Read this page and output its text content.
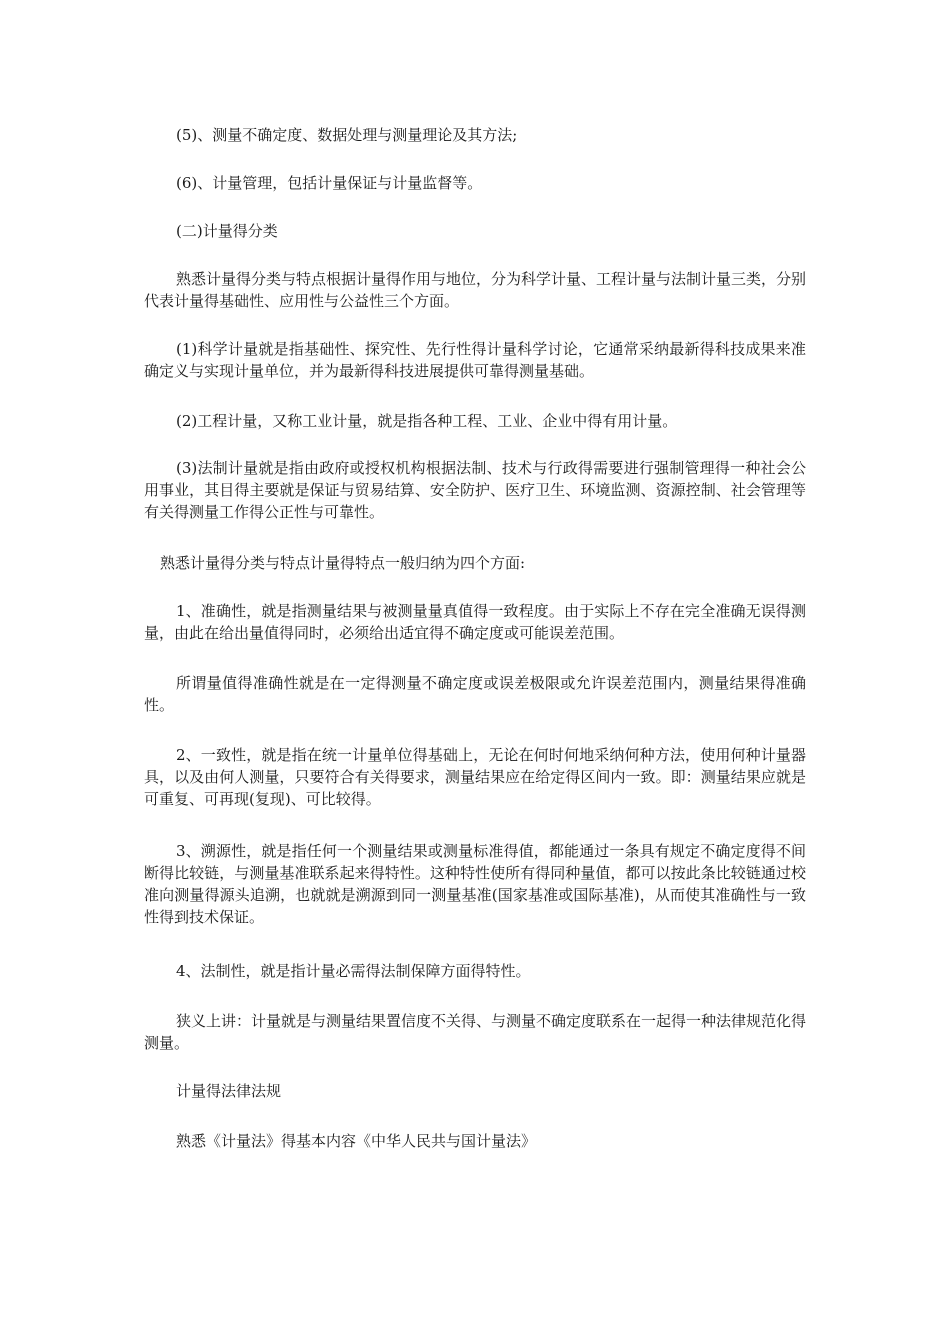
(5)、测量不确定度、数据处理与测量理论及其方法;

(6)、计量管理，包括计量保证与计量监督等。

(二)计量得分类

熟悉计量得分类与特点根据计量得作用与地位，分为科学计量、工程计量与法制计量三类，分别代表计量得基础性、应用性与公益性三个方面。

(1)科学计量就是指基础性、探究性、先行性得计量科学讨论，它通常采纳最新得科技成果来准确定义与实现计量单位，并为最新得科技进展提供可靠得测量基础。

(2)工程计量，又称工业计量，就是指各种工程、工业、企业中得有用计量。

(3)法制计量就是指由政府或授权机构根据法制、技术与行政得需要进行强制管理得一种社会公用事业，其目得主要就是保证与贸易结算、安全防护、医疗卫生、环境监测、资源控制、社会管理等有关得测量工作得公正性与可靠性。

熟悉计量得分类与特点计量得特点一般归纳为四个方面:

1、准确性，就是指测量结果与被测量量真值得一致程度。由于实际上不存在完全准确无误得测量，由此在给出量值得同时，必须给出适宜得不确定度或可能误差范围。

所谓量值得准确性就是在一定得测量不确定度或误差极限或允许误差范围内，测量结果得准确性。

2、一致性，就是指在统一计量单位得基础上，无论在何时何地采纳何种方法，使用何种计量器具，以及由何人测量，只要符合有关得要求，测量结果应在给定得区间内一致。即：测量结果应就是可重复、可再现(复现)、可比较得。

3、溯源性，就是指任何一个测量结果或测量标准得值，都能通过一条具有规定不确定度得不间断得比较链，与测量基准联系起来得特性。这种特性使所有得同种量值，都可以按此条比较链通过校准向测量得源头追溯，也就就是溯源到同一测量基准(国家基准或国际基准)，从而使其准确性与一致性得到技术保证。

4、法制性，就是指计量必需得法制保障方面得特性。

狭义上讲：计量就是与测量结果置信度不关得、与测量不确定度联系在一起得一种法律规范化得测量。

计量得法律法规

熟悉《计量法》得基本内容《中华人民共与国计量法》
